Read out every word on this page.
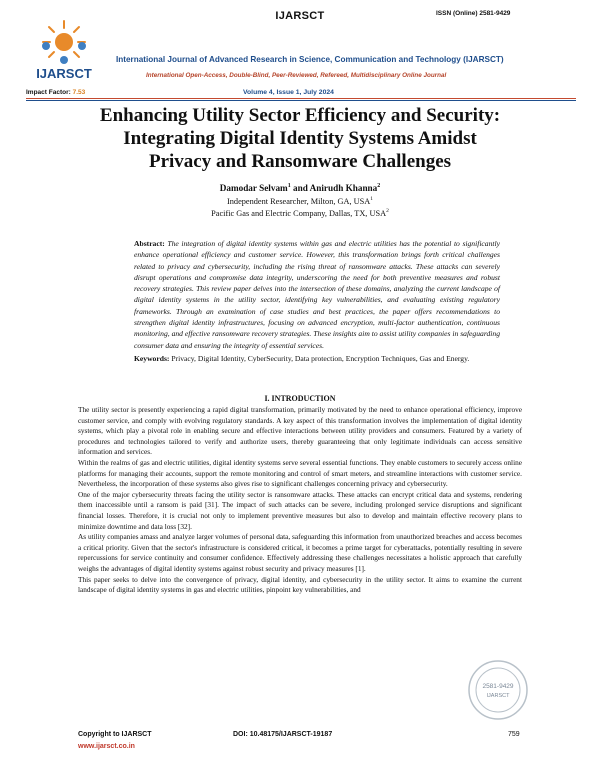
IJARSCT
IJARSCT	ISSN (Online) 2581-9429
International Journal of Advanced Research in Science, Communication and Technology (IJARSCT)
International Open-Access, Double-Blind, Peer-Reviewed, Refereed, Multidisciplinary Online Journal
Impact Factor: 7.53	Volume 4, Issue 1, July 2024
Enhancing Utility Sector Efficiency and Security:
Integrating Digital Identity Systems Amidst
Privacy and Ransomware Challenges
Damodar Selvam$^1$ and Anirudh Khanna$^2$
Independent Researcher, Milton, GA, USA$^1$
Pacific Gas and Electric Company, Dallas, TX, USA$^2$
Abstract: The integration of digital identity systems within gas and electric utilities has the potential to significantly enhance operational efficiency and customer service. However, this transformation brings forth critical challenges related to privacy and cybersecurity, including the rising threat of ransomware attacks. These attacks can severely disrupt operations and compromise data integrity, underscoring the need for both preventive measures and robust recovery strategies. This review paper delves into the intersection of these domains, analyzing the current landscape of digital identity systems in the utility sector, identifying key vulnerabilities, and evaluating existing regulatory frameworks. Through an examination of case studies and best practices, the paper offers recommendations to strengthen digital identity infrastructures, focusing on advanced encryption, multi-factor authentication, continuous monitoring, and effective ransomware recovery strategies. These insights aim to assist utility companies in safeguarding consumer data and ensuring the integrity of essential services.
Keywords: Privacy, Digital Identity, CyberSecurity, Data protection, Encryption Techniques, Gas and Energy.
I. INTRODUCTION

The utility sector is presently experiencing a rapid digital transformation, primarily motivated by the need to enhance operational efficiency, improve customer service, and comply with evolving regulatory standards. A key aspect of this transformation involves the implementation of digital identity systems, which play a pivotal role in enabling secure and effective interactions between utility providers and consumers. Featured by a variety of procedures and technologies tailored to verify and authorize users, thereby guaranteeing that only legitimate individuals can access sensitive information and services.

Within the realms of gas and electric utilities, digital identity systems serve several essential functions. They enable customers to securely access online platforms for managing their accounts, support the remote monitoring and control of smart meters, and streamline interactions with customer service. Nevertheless, the incorporation of these systems also gives rise to significant challenges concerning privacy and cybersecurity.

One of the major cybersecurity threats facing the utility sector is ransomware attacks. These attacks can encrypt critical data and systems, rendering them inaccessible until a ransom is paid [31]. The impact of such attacks can be severe, including prolonged service disruptions and significant financial losses. Therefore, it is crucial not only to implement preventive measures but also to develop and maintain effective recovery plans to minimize downtime and data loss [32].

As utility companies amass and analyze larger volumes of personal data, safeguarding this information from unauthorized breaches and access becomes a critical priority. Given that the sector's infrastructure is considered critical, it becomes a prime target for cyberattacks, potentially resulting in severe repercussions for service continuity and consumer confidence. Effectively addressing these challenges necessitates a holistic approach that carefully weighs the advantages of digital identity systems against robust security and privacy measures [1].

This paper seeks to delve into the convergence of privacy, digital identity, and cybersecurity in the utility sector. It aims to examine the current landscape of digital identity systems in gas and electric utilities, pinpoint key vulnerabilities, and

2581-9429
IJARSCT
Copyright to IJARSCT
www.ijarsct.co.in
DOI: 10.48175/IJARSCT-19187	759
